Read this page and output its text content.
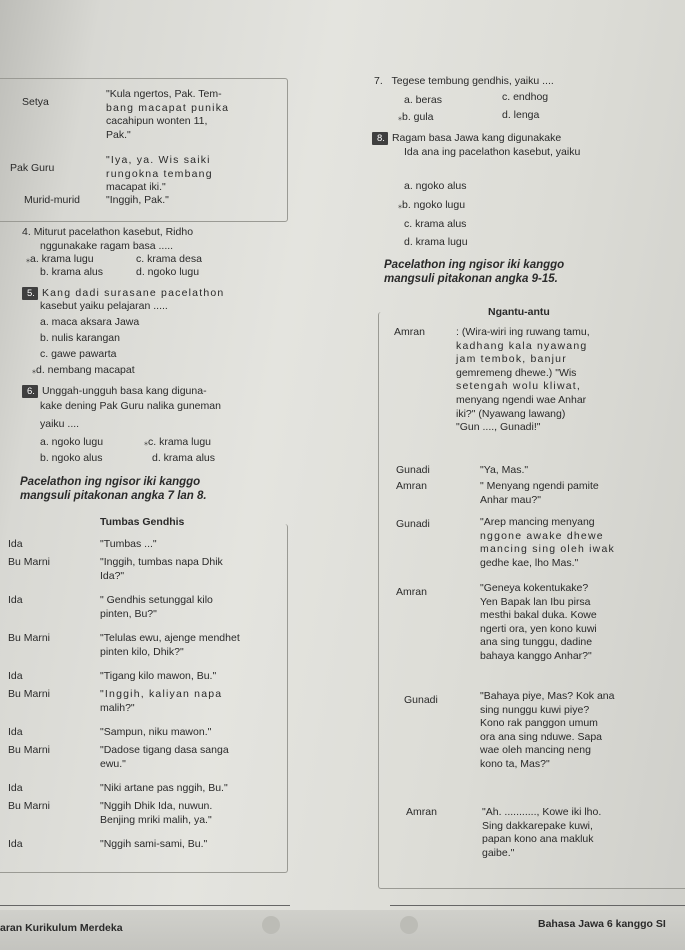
Setya
"Kula ngertos, Pak. Tem-
bang macapat punika
cacahipun wonten 11,
Pak."
Pak Guru
"Iya, ya. Wis saiki
rungokna tembang
macapat iki."
Murid-murid "Inggih, Pak."
4. Miturut pacelathon kasebut, Ridho
nggunakake ragam basa .....
⁎a. krama lugu	c. krama desa
b. krama alus	d. ngoko lugu
5. Kang dadi surasane pacelathon
kasebut yaiku pelajaran .....
a. maca aksara Jawa
b. nulis karangan
c. gawe pawarta
⁎d. nembang macapat
6. Unggah-ungguh basa kang diguna-
kake dening Pak Guru nalika guneman
yaiku ....
a. ngoko lugu	⁎c. krama lugu
b. ngoko alus	d. krama alus
Pacelathon ing ngisor iki kanggo
mangsuli pitakonan angka 7 lan 8.
Tumbas Gendhis
Ida	"Tumbas ..."
Bu Marni	"Inggih, tumbas napa Dhik
Ida?"
Ida	" Gendhis setunggal kilo
pinten, Bu?"
Bu Marni	"Telulas ewu, ajenge mendhet
pinten kilo, Dhik?"
Ida	"Tigang kilo mawon, Bu."
Bu Marni	"Inggih, kaliyan napa
malih?"
Ida	"Sampun, niku mawon."
Bu Marni	"Dadose tigang dasa sanga
ewu."
Ida	"Niki artane pas nggih, Bu."
Bu Marni	"Nggih Dhik Ida, nuwun.
Benjing mriki malih, ya."
Ida	"Nggih sami-sami, Bu."
7. Tegese tembung gendhis, yaiku ....
a. beras	c. endhog
⁎b. gula	d. lenga
8. Ragam basa Jawa kang digunakake
Ida ana ing pacelathon kasebut, yaiku
a. ngoko alus
⁎b. ngoko lugu
c. krama alus
d. krama lugu
Pacelathon ing ngisor iki kanggo
mangsuli pitakonan angka 9-15.
Ngantu-antu
Amran	: (Wira-wiri ing ruwang tamu,
kadhang kala nyawang
jam tembok, banjur
gemremeng dhewe.) "Wis
setengah wolu kliwat,
menyang ngendi wae Anhar
iki?" (Nyawang lawang)
"Gun ...., Gunadi!"
Gunadi	"Ya, Mas."
Amran	" Menyang ngendi pamite
Anhar mau?"
Gunadi	"Arep mancing menyang
nggone awake dhewe
mancing sing oleh iwak
gedhe kae, lho Mas."
Amran	"Geneya kokentukake?
Yen Bapak lan Ibu pirsa
mesthi bakal duka. Kowe
ngerti ora, yen kono kuwi
ana sing tunggu, dadine
bahaya kanggo Anhar?"
Gunadi	"Bahaya piye, Mas? Kok ana
sing nunggu kuwi piye?
Kono rak panggon umum
ora ana sing nduwe. Sapa
wae oleh mancing neng
kono ta, Mas?"
Amran	"Ah. ..........., Kowe iki lho.
Sing dakkarepake kuwi,
papan kono ana makluk
gaibe."
aran Kurikulum Merdeka	Bahasa Jawa 6 kanggo SI
